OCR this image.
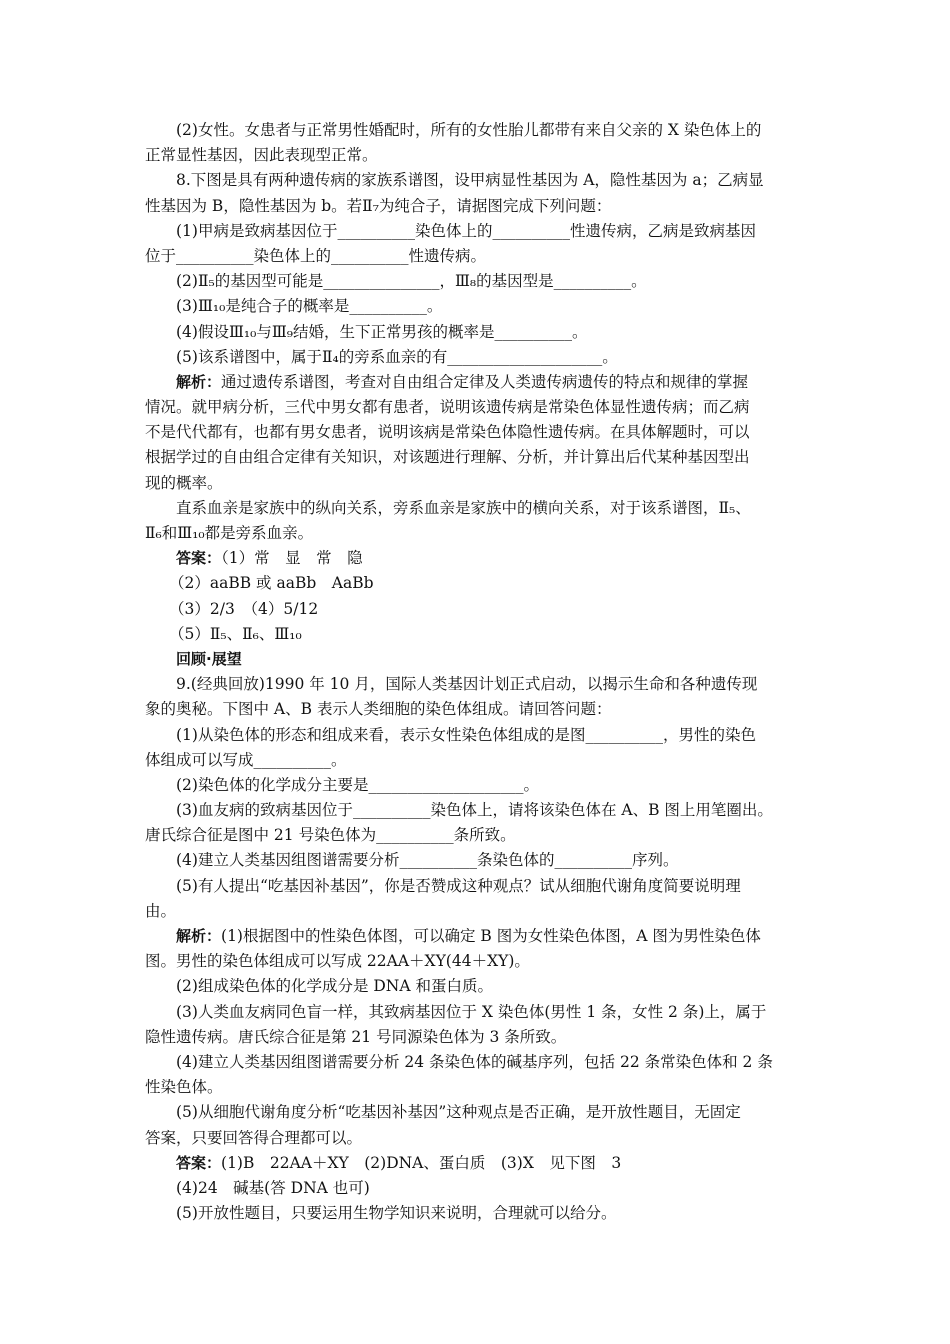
(2)女性。女患者与正常男性婚配时，所有的女性胎儿都带有来自父亲的 X 染色体上的
正常显性基因，因此表现型正常。
8.下图是具有两种遗传病的家族系谱图，设甲病显性基因为 A，隐性基因为 a；乙病显
性基因为 B，隐性基因为 b。若Ⅱ₇为纯合子，请据图完成下列问题：
(1)甲病是致病基因位于__________染色体上的__________性遗传病，乙病是致病基因
位于__________染色体上的__________性遗传病。
(2)Ⅱ₅的基因型可能是_______________，Ⅲ₈的基因型是__________。
(3)Ⅲ₁₀是纯合子的概率是__________。
(4)假设Ⅲ₁₀与Ⅲ₉结婚，生下正常男孩的概率是__________。
(5)该系谱图中，属于Ⅱ₄的旁系血亲的有____________________。
解析：通过遗传系谱图，考查对自由组合定律及人类遗传病遗传的特点和规律的掌握
情况。就甲病分析，三代中男女都有患者，说明该遗传病是常染色体显性遗传病；而乙病
不是代代都有，也都有男女患者，说明该病是常染色体隐性遗传病。在具体解题时，可以
根据学过的自由组合定律有关知识，对该题进行理解、分析，并计算出后代某种基因型出
现的概率。
直系血亲是家族中的纵向关系，旁系血亲是家族中的横向关系，对于该系谱图，Ⅱ₅、
Ⅱ₆和Ⅲ₁₀都是旁系血亲。
答案：（1）常　显　常　隐
（2）aaBB 或 aaBb　AaBb
（3）2/3　（4）5/12
（5）Ⅱ₅、Ⅱ₆、Ⅲ₁₀
回顾·展望
9.(经典回放)1990 年 10 月，国际人类基因计划正式启动，以揭示生命和各种遗传现
象的奥秘。下图中 A、B 表示人类细胞的染色体组成。请回答问题：
(1)从染色体的形态和组成来看，表示女性染色体组成的是图__________，男性的染色
体组成可以写成__________。
(2)染色体的化学成分主要是____________________。
(3)血友病的致病基因位于__________染色体上，请将该染色体在 A、B 图上用笔圈出。
唐氏综合征是图中 21 号染色体为__________条所致。
(4)建立人类基因组图谱需要分析__________条染色体的__________序列。
(5)有人提出“吃基因补基因”，你是否赞成这种观点？试从细胞代谢角度简要说明理
由。
解析：(1)根据图中的性染色体图，可以确定 B 图为女性染色体图，A 图为男性染色体
图。男性的染色体组成可以写成 22AA＋XY(44＋XY)。
(2)组成染色体的化学成分是 DNA 和蛋白质。
(3)人类血友病同色盲一样，其致病基因位于 X 染色体(男性 1 条，女性 2 条)上，属于
隐性遗传病。唐氏综合征是第 21 号同源染色体为 3 条所致。
(4)建立人类基因组图谱需要分析 24 条染色体的碱基序列，包括 22 条常染色体和 2 条
性染色体。
(5)从细胞代谢角度分析“吃基因补基因”这种观点是否正确，是开放性题目，无固定
答案，只要回答得合理都可以。
答案：(1)B　22AA＋XY　(2)DNA、蛋白质　(3)X　见下图　3
(4)24　碱基(答 DNA 也可)
(5)开放性题目，只要运用生物学知识来说明，合理就可以给分。
